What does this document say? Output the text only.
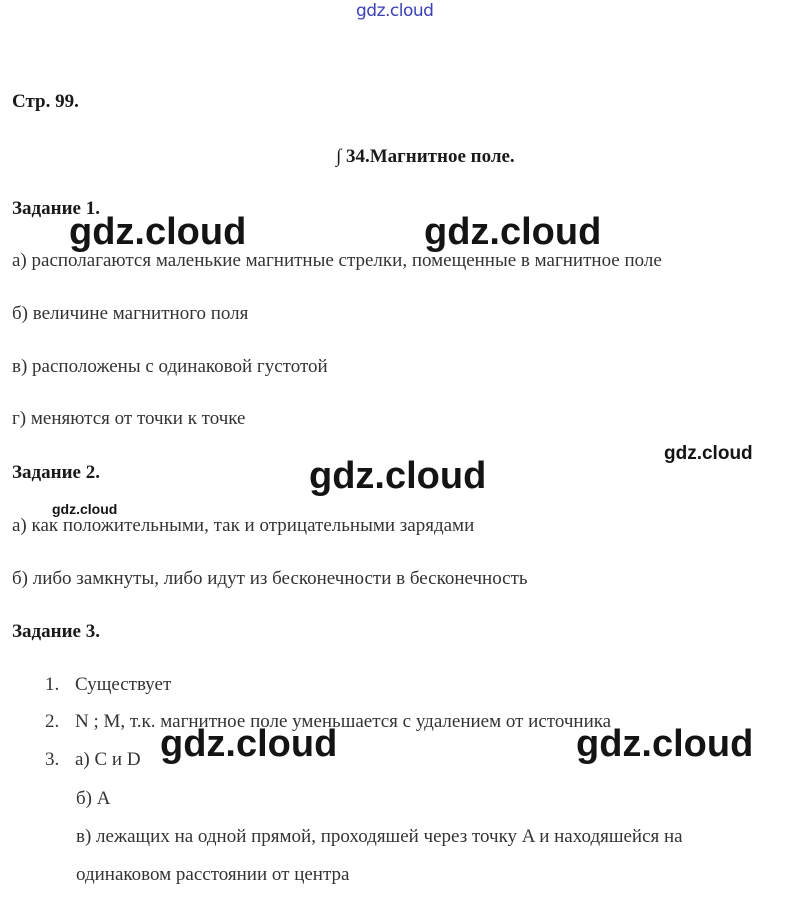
gdz.cloud
Стр. 99.
∫ 34.Магнитное поле.
Задание 1.
а) располагаются маленькие магнитные стрелки, помещенные в магнитное поле
б) величине магнитного поля
в) расположены с одинаковой густотой
г) меняются от точки к точке
Задание 2.
а) как положительными, так и отрицательными зарядами
б) либо замкнуты, либо идут из бесконечности в бесконечность
Задание 3.
1. Существует
2. N ; M, т.к. магнитное поле уменьшается с удалением от источника
3. а) C и D
б) A
в) лежащих на одной прямой, проходяшей через точку A и находяшейся на
одинаковом расстоянии от центра
gdz.cloud	gdz.cloud
gdz.cloud
gdz.cloud
gdz.cloud
gdz.cloud	gdz.cloud
